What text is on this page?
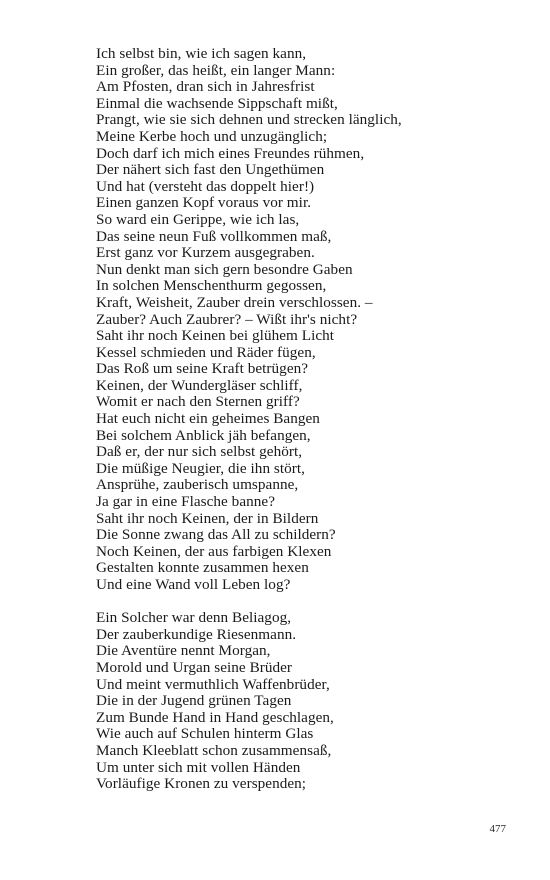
Ich selbst bin, wie ich sagen kann,
Ein großer, das heißt, ein langer Mann:
Am Pfosten, dran sich in Jahresfrist
Einmal die wachsende Sippschaft mißt,
Prangt, wie sie sich dehnen und strecken länglich,
Meine Kerbe hoch und unzugänglich;
Doch darf ich mich eines Freundes rühmen,
Der nähert sich fast den Ungethümen
Und hat (versteht das doppelt hier!)
Einen ganzen Kopf voraus vor mir.
So ward ein Gerippe, wie ich las,
Das seine neun Fuß vollkommen maß,
Erst ganz vor Kurzem ausgegraben.
Nun denkt man sich gern besondre Gaben
In solchen Menschenthurm gegossen,
Kraft, Weisheit, Zauber drein verschlossen. –
Zauber? Auch Zaubrer? – Wißt ihr's nicht?
Saht ihr noch Keinen bei glühem Licht
Kessel schmieden und Räder fügen,
Das Roß um seine Kraft betrügen?
Keinen, der Wundergläser schliff,
Womit er nach den Sternen griff?
Hat euch nicht ein geheimes Bangen
Bei solchem Anblick jäh befangen,
Daß er, der nur sich selbst gehört,
Die müßige Neugier, die ihn stört,
Ansprühe, zauberisch umspanne,
Ja gar in eine Flasche banne?
Saht ihr noch Keinen, der in Bildern
Die Sonne zwang das All zu schildern?
Noch Keinen, der aus farbigen Klexen
Gestalten konnte zusammen hexen
Und eine Wand voll Leben log?
Ein Solcher war denn Beliagog,
Der zauberkundige Riesenmann.
Die Aventüre nennt Morgan,
Morold und Urgan seine Brüder
Und meint vermuthlich Waffenbrüder,
Die in der Jugend grünen Tagen
Zum Bunde Hand in Hand geschlagen,
Wie auch auf Schulen hinterm Glas
Manch Kleeblatt schon zusammensaß,
Um unter sich mit vollen Händen
Vorläufige Kronen zu verspenden;
477
